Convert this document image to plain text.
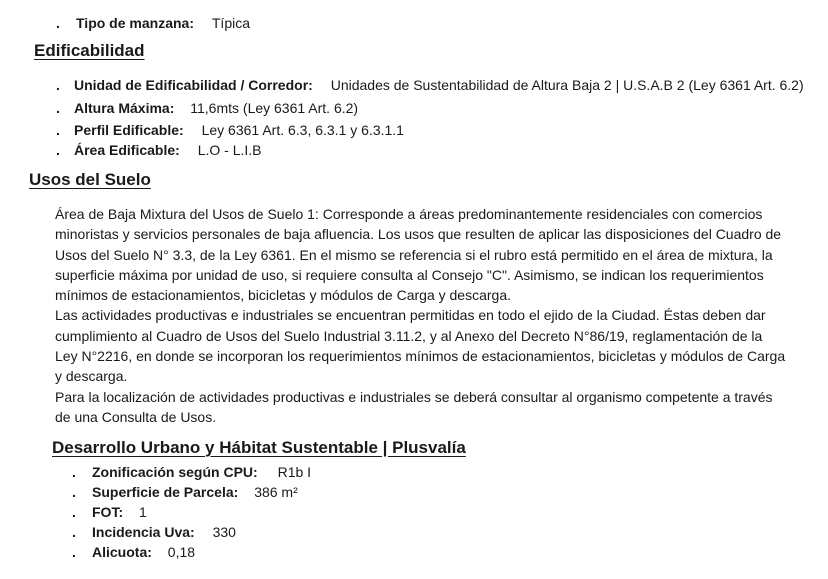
. Tipo de manzana: Típica
Edificabilidad
. Unidad de Edificabilidad / Corredor: Unidades de Sustentabilidad de Altura Baja 2 | U.S.A.B 2 (Ley 6361 Art. 6.2)
. Altura Máxima: 11,6mts (Ley 6361 Art. 6.2)
. Perfil Edificable: Ley 6361 Art. 6.3, 6.3.1 y 6.3.1.1
. Área Edificable: L.O - L.I.B
Usos del Suelo
Área de Baja Mixtura del Usos de Suelo 1: Corresponde a áreas predominantemente residenciales con comercios
minoristas y servicios personales de baja afluencia. Los usos que resulten de aplicar las disposiciones del Cuadro de
Usos del Suelo N° 3.3, de la Ley 6361. En el mismo se referencia si el rubro está permitido en el área de mixtura, la
superficie máxima por unidad de uso, si requiere consulta al Consejo "C". Asimismo, se indican los requerimientos
mínimos de estacionamientos, bicicletas y módulos de Carga y descarga.
Las actividades productivas e industriales se encuentran permitidas en todo el ejido de la Ciudad. Éstas deben dar
cumplimiento al Cuadro de Usos del Suelo Industrial 3.11.2, y al Anexo del Decreto N°86/19, reglamentación de la
Ley N°2216, en donde se incorporan los requerimientos mínimos de estacionamientos, bicicletas y módulos de Carga
y descarga.
Para la localización de actividades productivas e industriales se deberá consultar al organismo competente a través
de una Consulta de Usos.
Desarrollo Urbano y Hábitat Sustentable | Plusvalía
. Zonificación según CPU: R1b I
. Superficie de Parcela: 386 m²
. FOT: 1
. Incidencia Uva: 330
. Alicuota: 0,18
